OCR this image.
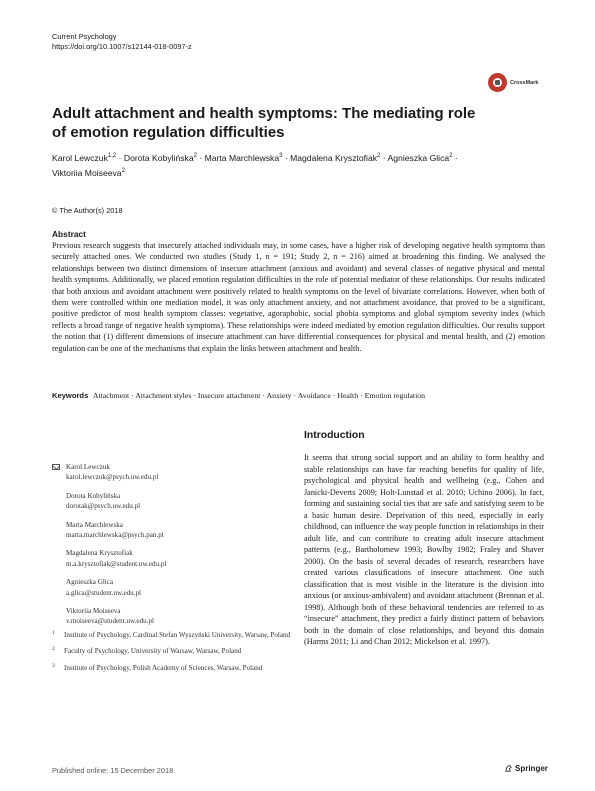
Current Psychology
https://doi.org/10.1007/s12144-018-0097-z
CrossMark
Adult attachment and health symptoms: The mediating role of emotion regulation difficulties
Karol Lewczuk$^{1,2}$ · Dorota Kobylińska$^2$ · Marta Marchlewska$^3$ · Magdalena Krysztofiak$^2$ · Agnieszka Glica$^2$ ·
Viktoriia Moiseeva$^2$
© The Author(s) 2018
Abstract
Previous research suggests that insecurely attached individuals may, in some cases, have a higher risk of developing negative health symptoms than securely attached ones. We conducted two studies (Study 1, n = 191; Study 2, n = 216) aimed at broadening this finding. We analysed the relationships between two distinct dimensions of insecure attachment (anxious and avoidant) and several classes of negative physical and mental health symptoms. Additionally, we placed emotion regulation difficulties in the role of potential mediator of these relationships. Our results indicated that both anxious and avoidant attachment were positively related to health symptoms on the level of bivariate correlations. However, when both of them were controlled within one mediation model, it was only attachment anxiety, and not attachment avoidance, that proved to be a significant, positive predictor of most health symptom classes: vegetative, agoraphobic, social phobia symptoms and global symptom severity index (which reflects a broad range of negative health symptoms). These relationships were indeed mediated by emotion regulation difficulties. Our results support the notion that (1) different dimensions of insecure attachment can have differential consequences for physical and mental health, and (2) emotion regulation can be one of the mechanisms that explain the links between attachment and health.
Keywords Attachment · Attachment styles · Insecure attachment · Anxiety · Avoidance · Health · Emotion regulation
Karol Lewczuk
karol.lewczuk@psych.uw.edu.pl
Dorota Kobylińska
dorotak@psych.uw.edu.pl
Marta Marchlewska
marta.marchlewska@psych.pan.pl
Magdalena Krysztofiak
m.a.krysztofiak@student.uw.edu.pl
Agnieszka Glica
a.glica@student.uw.edu.pl
Viktoriia Moiseeva
v.moiseeva@student.uw.edu.pl
1 Institute of Psychology, Cardinal Stefan Wyszyński University, Warsaw, Poland
2 Faculty of Psychology, University of Warsaw, Warsaw, Poland
3 Institute of Psychology, Polish Academy of Sciences, Warsaw, Poland
Introduction
It seems that strong social support and an ability to form healthy and stable relationships can have far reaching benefits for quality of life, psychological and physical health and wellbeing (e.g., Cohen and Janicki-Deverts 2009; Holt-Lunstad et al. 2010; Uchino 2006). In fact, forming and sustaining social ties that are safe and satisfying seem to be a basic human desire. Deprivation of this need, especially in early childhood, can influence the way people function in relationships in their adult life, and can contribute to creating adult insecure attachment patterns (e.g., Bartholomew 1993; Bowlby 1982; Fraley and Shaver 2000). On the basis of several decades of research, researchers have created various classifications of insecure attachment. One such classification that is most visible in the literature is the division into anxious (or anxious-ambivalent) and avoidant attachment (Brennan et al. 1998). Although both of these behavioral tendencies are referred to as “insecure” attachment, they predict a fairly distinct pattern of behaviors both in the domain of close relationships, and beyond this domain (Harms 2011; Li and Chan 2012; Mickelson et al. 1997).
Published online: 15 December 2018	Springer
